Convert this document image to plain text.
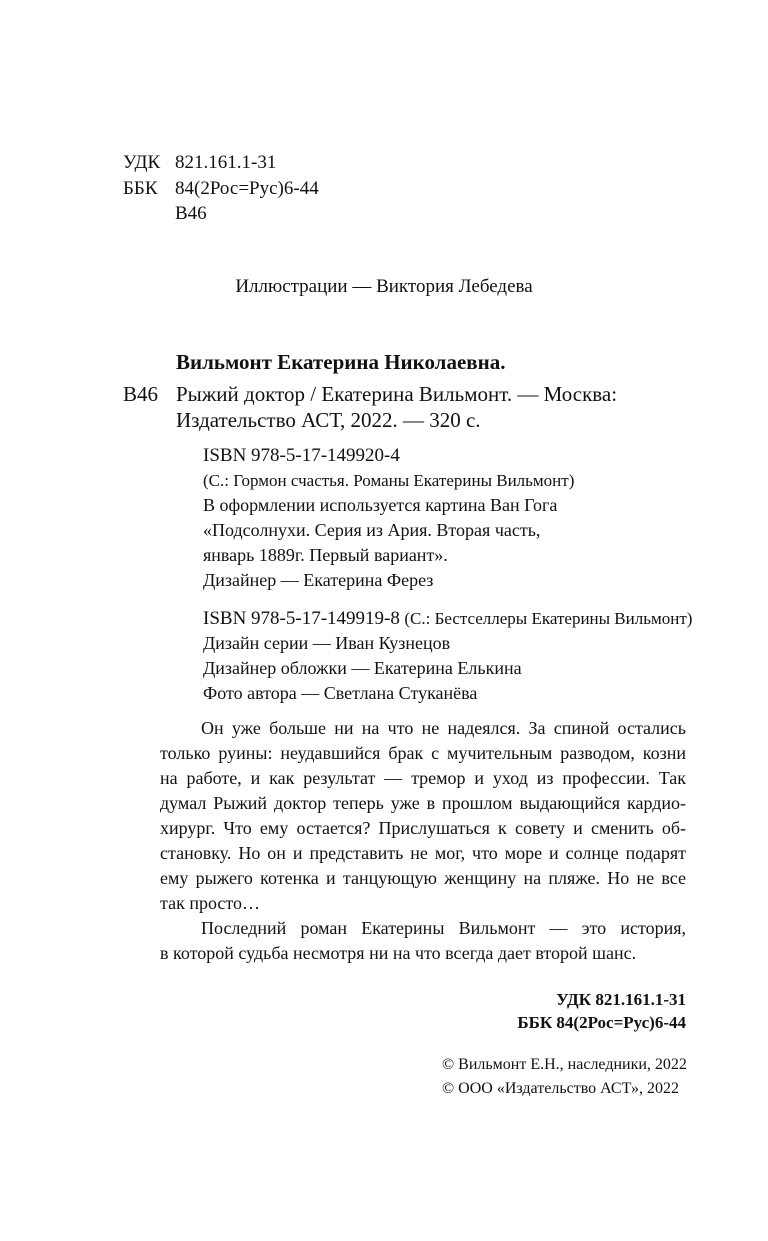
УДК 821.161.1-31
ББК 84(2Рос=Рус)6-44
В46
Иллюстрации — Виктория Лебедева
Вильмонт Екатерина Николаевна.
В46 Рыжий доктор / Екатерина Вильмонт. — Москва:
Издательство АСТ, 2022. — 320 с.
ISBN 978-5-17-149920-4
(С.: Гормон счастья. Романы Екатерины Вильмонт)
В оформлении используется картина Ван Гога
«Подсолнухи. Серия из Ария. Вторая часть,
январь 1889г. Первый вариант».
Дизайнер — Екатерина Ферез
ISBN 978-5-17-149919-8 (С.: Бестселлеры Екатерины Вильмонт)
Дизайн серии — Иван Кузнецов
Дизайнер обложки — Екатерина Елькина
Фото автора — Светлана Стуканёва
Он уже больше ни на что не надеялся. За спиной остались
только руины: неудавшийся брак с мучительным разводом, козни
на работе, и как результат — тремор и уход из профессии. Так
думал Рыжий доктор теперь уже в прошлом выдающийся кардио-
хирург. Что ему остается? Прислушаться к совету и сменить об-
становку. Но он и представить не мог, что море и солнце подарят
ему рыжего котенка и танцующую женщину на пляже. Но не все
так просто…
Последний роман Екатерины Вильмонт — это история,
в которой судьба несмотря ни на что всегда дает второй шанс.
УДК 821.161.1-31
ББК 84(2Рос=Рус)6-44
© Вильмонт Е.Н., наследники, 2022
© ООО «Издательство АСТ», 2022
